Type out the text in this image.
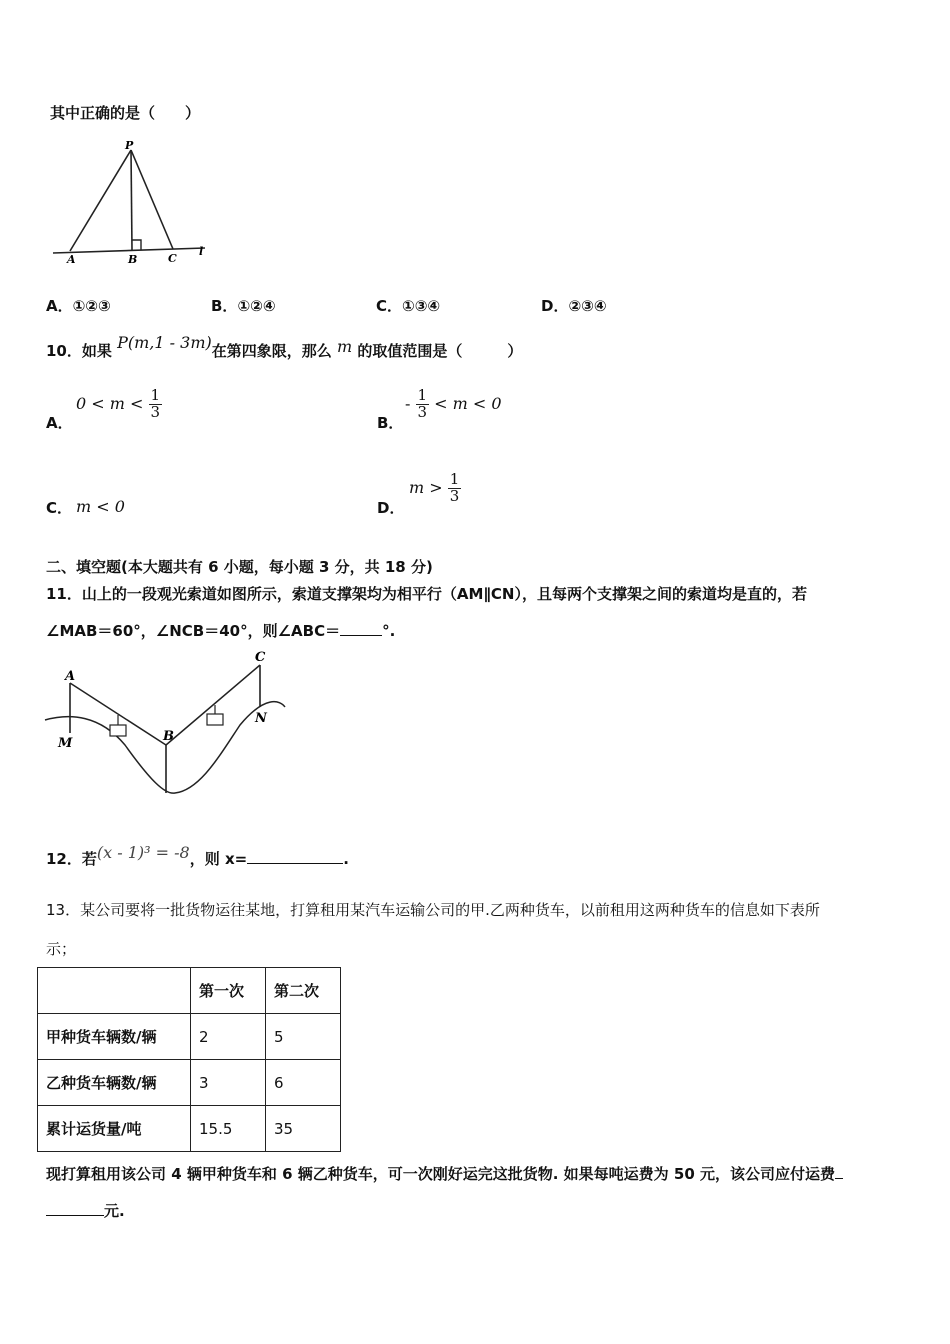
其中正确的是（　　）
P
A	B	C
l
A．①②③	B．①②④	C．①③④	D．②③④
10．如果 P(m,1 - 3m)在第四象限，那么 m 的取值范围是（　　　）
A．
$0 < m < \frac{1}{3}$
B．
- $\frac{1}{3} < m < 0$
C． m < 0	D．
$m > \frac{1}{3}$
二、填空题(本大题共有 6 小题，每小题 3 分，共 18 分)
11．山上的一段观光索道如图所示，索道支撑架均为相平行（AM∥CN），且每两个支撑架之间的索道均是直的，若
∠MAB＝60°，∠NCB＝40°，则∠ABC＝	°.
A
B
C
M
N
12．若(x - 1)³ = -8，则 x=	.
13．某公司要将一批货物运往某地，打算租用某汽车运输公司的甲.乙两种货车，以前租用这两种货车的信息如下表所
示；
	第一次	第二次
甲种货车辆数/辆	2	5
乙种货车辆数/辆	3	6
累计运货量/吨	15.5	35
现打算租用该公司 4 辆甲种货车和 6 辆乙种货车，可一次刚好运完这批货物. 如果每吨运费为 50 元，该公司应付运费
元.
